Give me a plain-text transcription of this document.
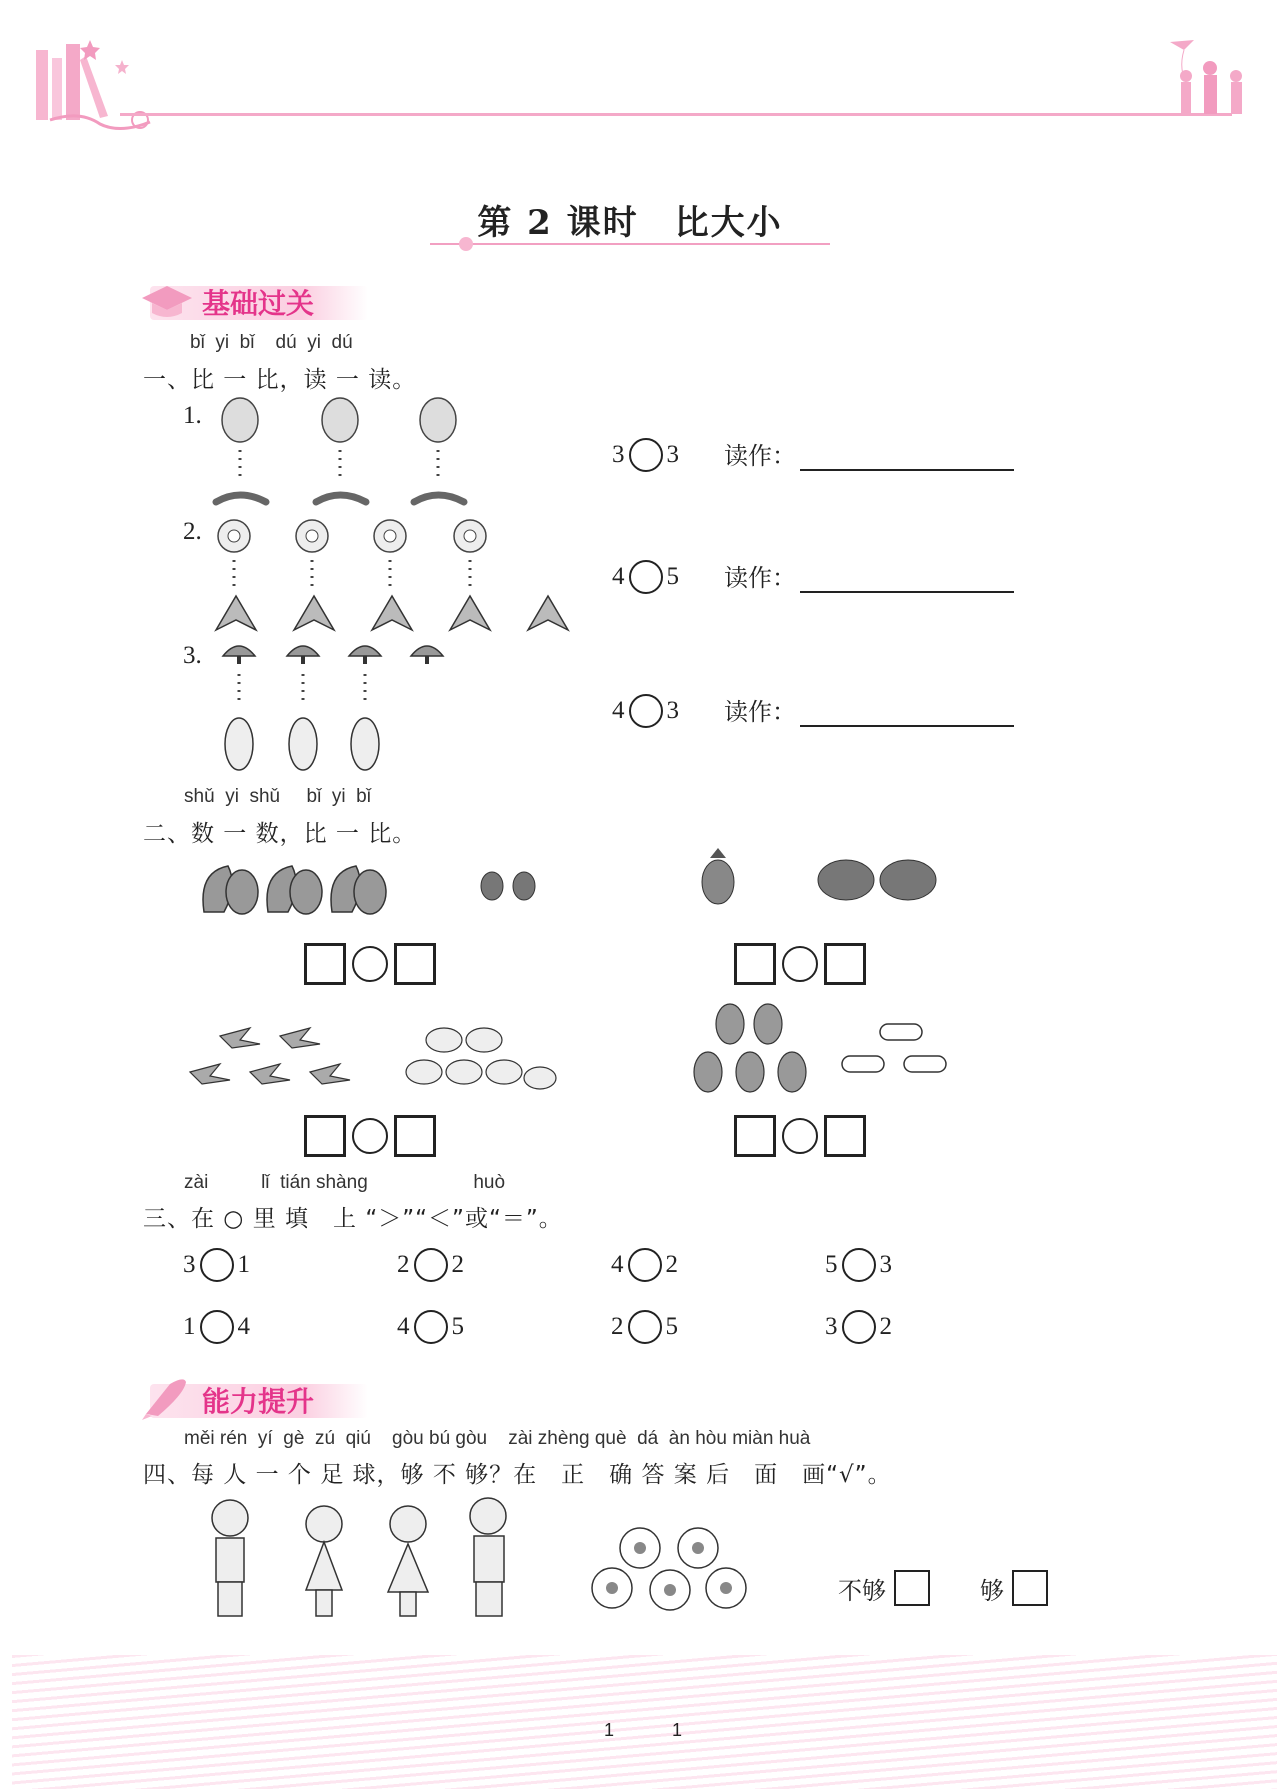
第 2 课时　比大小
基础过关
bǐ  yi  bǐ    dú  yi  dú
一、比 一 比，读 一 读。
1.
2.
3.
3 3 读作：
4 5 读作：
4 3 读作：
shǔ  yi  shǔ     bǐ  yi  bǐ
二、数 一 数，比 一 比。
zài          lǐ  tián shàng                    huò
三、在 ○ 里 填　上 “＞”“＜”或“＝”。
3 1	2 2	4 2	5 3
1 4	4 5	2 5	3 2
能力提升
měi rén  yí  gè  zú  qiú    gòu bú gòu    zài zhèng què  dá  àn hòu miàn huà
四、每 人 一 个 足 球，够 不 够？在　正　确 答 案 后　面　画“√”。
不够	够
1	1
